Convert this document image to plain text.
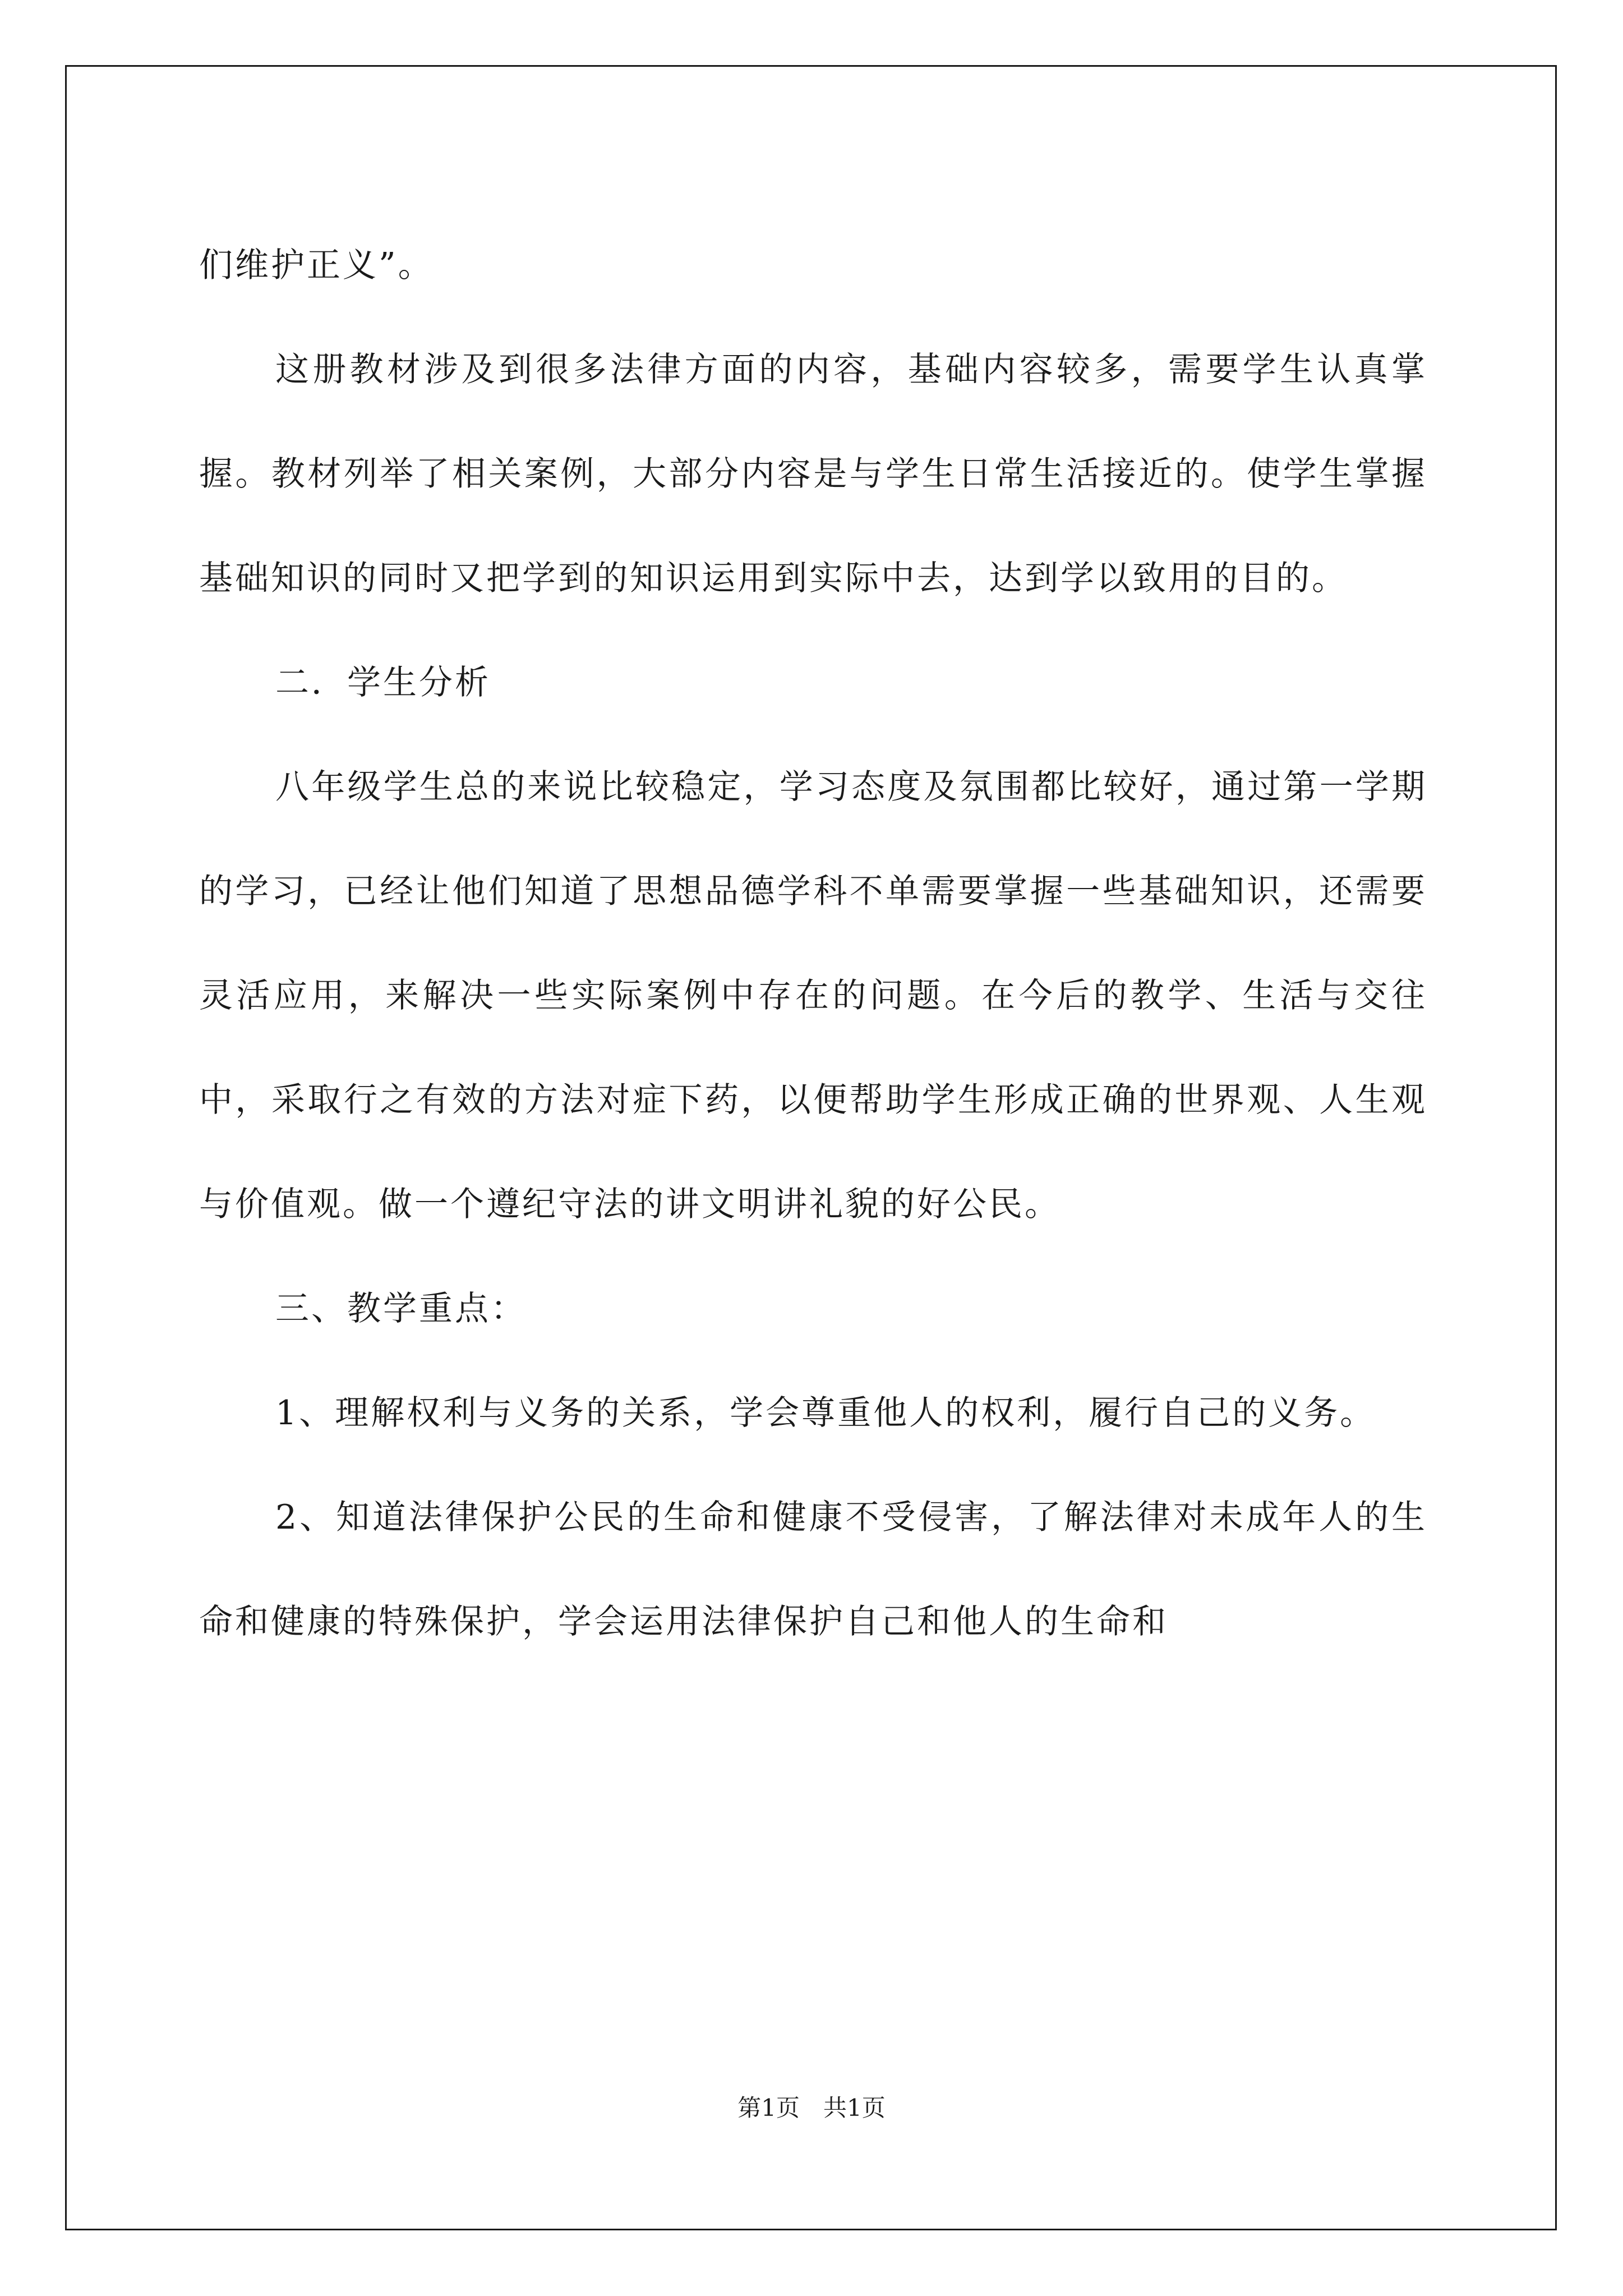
们维护正义”。

这册教材涉及到很多法律方面的内容，基础内容较多，需要学生认真掌握。教材列举了相关案例，大部分内容是与学生日常生活接近的。使学生掌握基础知识的同时又把学到的知识运用到实际中去，达到学以致用的目的。

二．学生分析

八年级学生总的来说比较稳定，学习态度及氛围都比较好，通过第一学期的学习，已经让他们知道了思想品德学科不单需要掌握一些基础知识，还需要灵活应用，来解决一些实际案例中存在的问题。在今后的教学、生活与交往中，采取行之有效的方法对症下药，以便帮助学生形成正确的世界观、人生观与价值观。做一个遵纪守法的讲文明讲礼貌的好公民。

三、教学重点：

1、理解权利与义务的关系，学会尊重他人的权利，履行自己的义务。

2、知道法律保护公民的生命和健康不受侵害，了解法律对未成年人的生命和健康的特殊保护，学会运用法律保护自己和他人的生命和

第1页　共1页
